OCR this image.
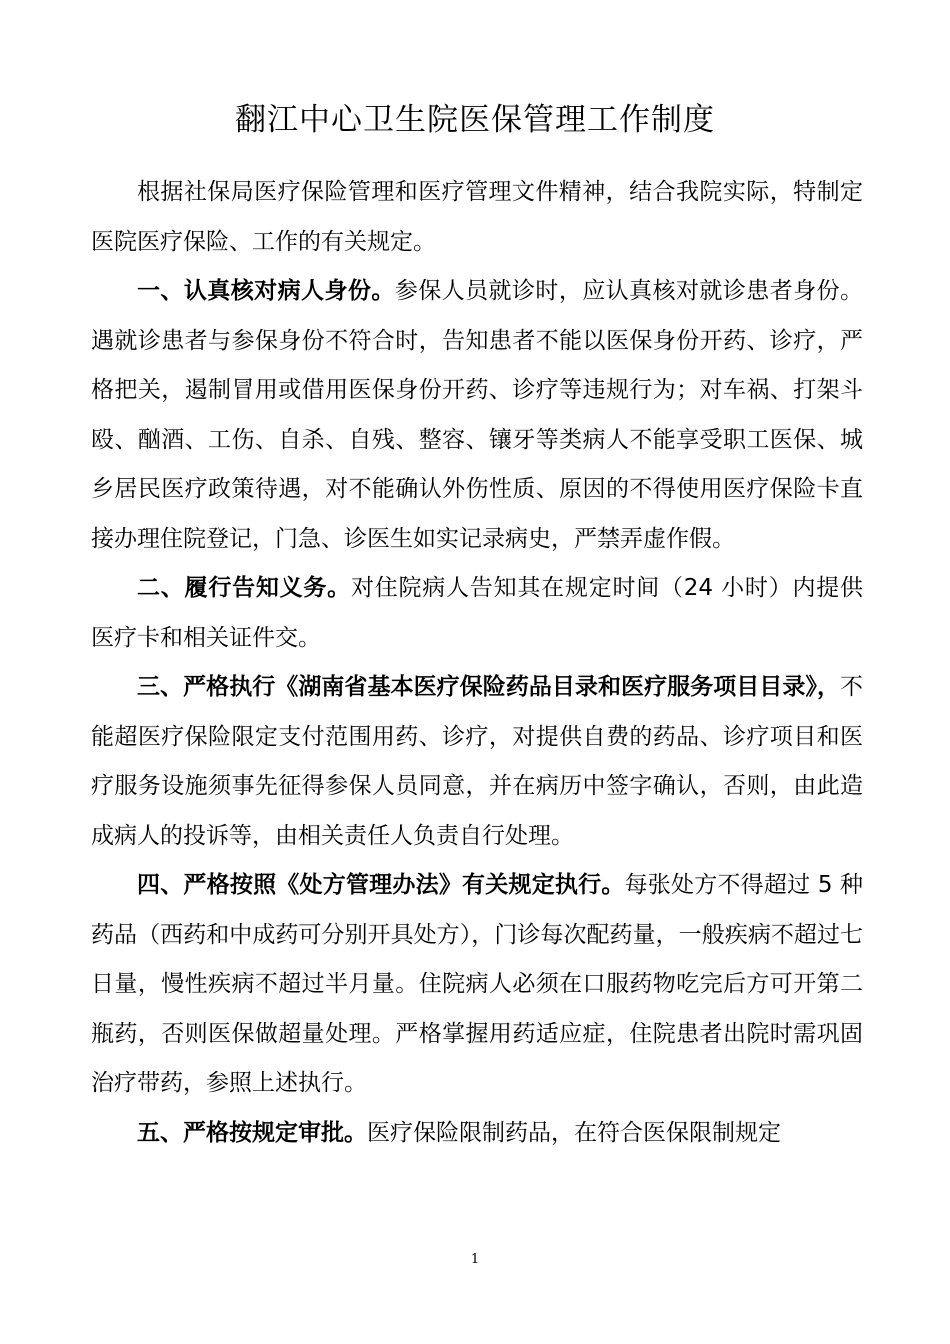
翻江中心卫生院医保管理工作制度

根据社保局医疗保险管理和医疗管理文件精神，结合我院实际，特制定医院医疗保险、工作的有关规定。

一、认真核对病人身份。参保人员就诊时，应认真核对就诊患者身份。遇就诊患者与参保身份不符合时，告知患者不能以医保身份开药、诊疗，严格把关，遏制冒用或借用医保身份开药、诊疗等违规行为；对车祸、打架斗殴、酗酒、工伤、自杀、自残、整容、镶牙等类病人不能享受职工医保、城乡居民医疗政策待遇，对不能确认外伤性质、原因的不得使用医疗保险卡直接办理住院登记，门急、诊医生如实记录病史，严禁弄虚作假。

二、履行告知义务。对住院病人告知其在规定时间（24 小时）内提供医疗卡和相关证件交。

三、严格执行《湖南省基本医疗保险药品目录和医疗服务项目目录》，不能超医疗保险限定支付范围用药、诊疗，对提供自费的药品、诊疗项目和医疗服务设施须事先征得参保人员同意，并在病历中签字确认，否则，由此造成病人的投诉等，由相关责任人负责自行处理。

四、严格按照《处方管理办法》有关规定执行。每张处方不得超过 5 种药品（西药和中成药可分别开具处方），门诊每次配药量，一般疾病不超过七日量，慢性疾病不超过半月量。住院病人必须在口服药物吃完后方可开第二瓶药，否则医保做超量处理。严格掌握用药适应症，住院患者出院时需巩固治疗带药，参照上述执行。

五、严格按规定审批。医疗保险限制药品，在符合医保限制规定

1
